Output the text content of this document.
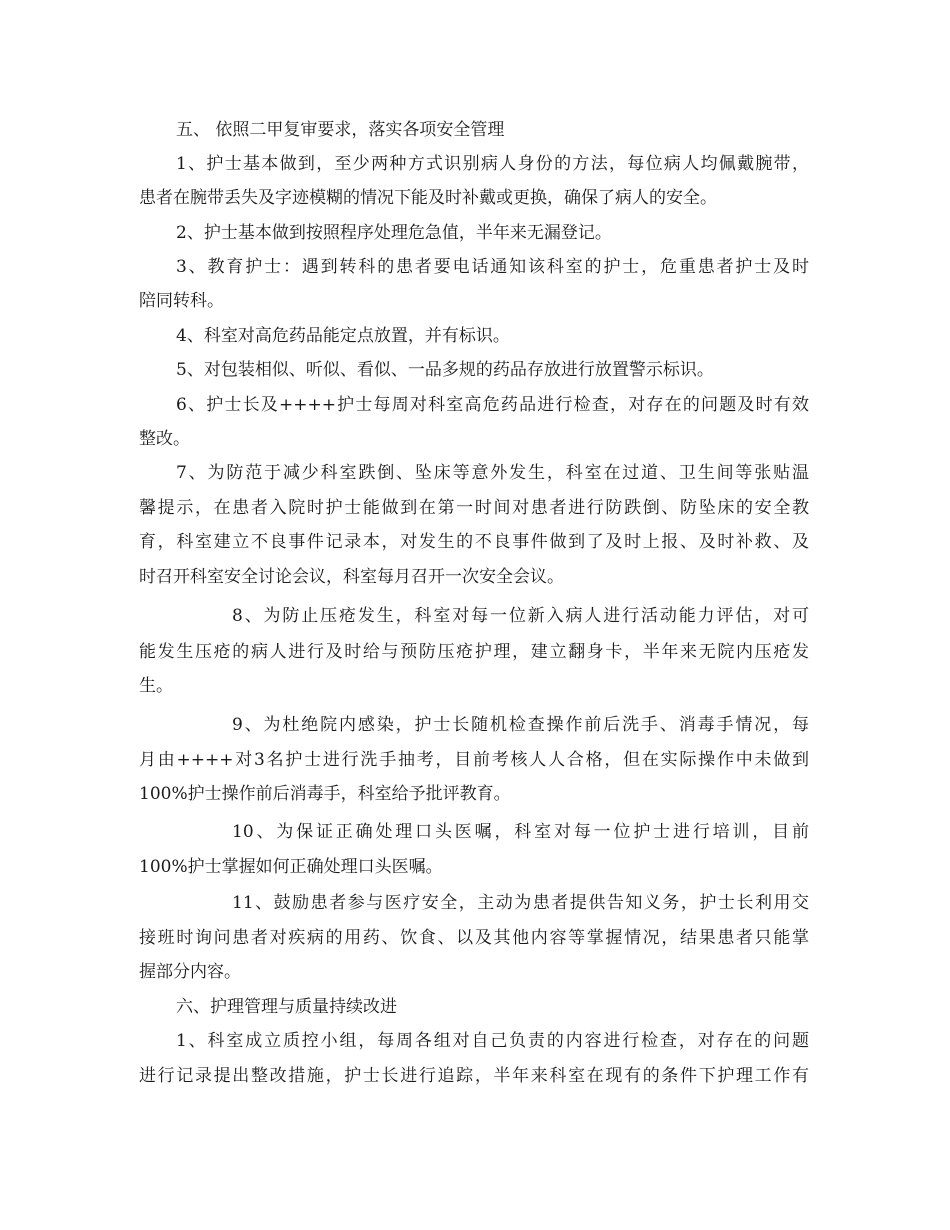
五、 依照二甲复审要求，落实各项安全管理
1、护士基本做到，至少两种方式识别病人身份的方法，每位病人均佩戴腕带，
患者在腕带丢失及字迹模糊的情况下能及时补戴或更换，确保了病人的安全。
2、护士基本做到按照程序处理危急值，半年来无漏登记。
3、教育护士：遇到转科的患者要电话通知该科室的护士，危重患者护士及时
陪同转科。
4、科室对高危药品能定点放置，并有标识。
5、对包装相似、听似、看似、一品多规的药品存放进行放置警示标识。
6、护士长及++++护士每周对科室高危药品进行检查，对存在的问题及时有效
整改。
7、为防范于减少科室跌倒、坠床等意外发生，科室在过道、卫生间等张贴温
馨提示，在患者入院时护士能做到在第一时间对患者进行防跌倒、防坠床的安全教
育，科室建立不良事件记录本，对发生的不良事件做到了及时上报、及时补救、及
时召开科室安全讨论会议，科室每月召开一次安全会议。
8、为防止压疮发生，科室对每一位新入病人进行活动能力评估，对可
能发生压疮的病人进行及时给与预防压疮护理，建立翻身卡，半年来无院内压疮发
生。
9、为杜绝院内感染，护士长随机检查操作前后洗手、消毒手情况，每
月由++++对3名护士进行洗手抽考，目前考核人人合格，但在实际操作中未做到
100%护士操作前后消毒手，科室给予批评教育。
10、为保证正确处理口头医嘱，科室对每一位护士进行培训，目前
100%护士掌握如何正确处理口头医嘱。
11、鼓励患者参与医疗安全，主动为患者提供告知义务，护士长利用交
接班时询问患者对疾病的用药、饮食、以及其他内容等掌握情况，结果患者只能掌
握部分内容。
六、护理管理与质量持续改进
1、科室成立质控小组，每周各组对自己负责的内容进行检查，对存在的问题
进行记录提出整改措施，护士长进行追踪，半年来科室在现有的条件下护理工作有
